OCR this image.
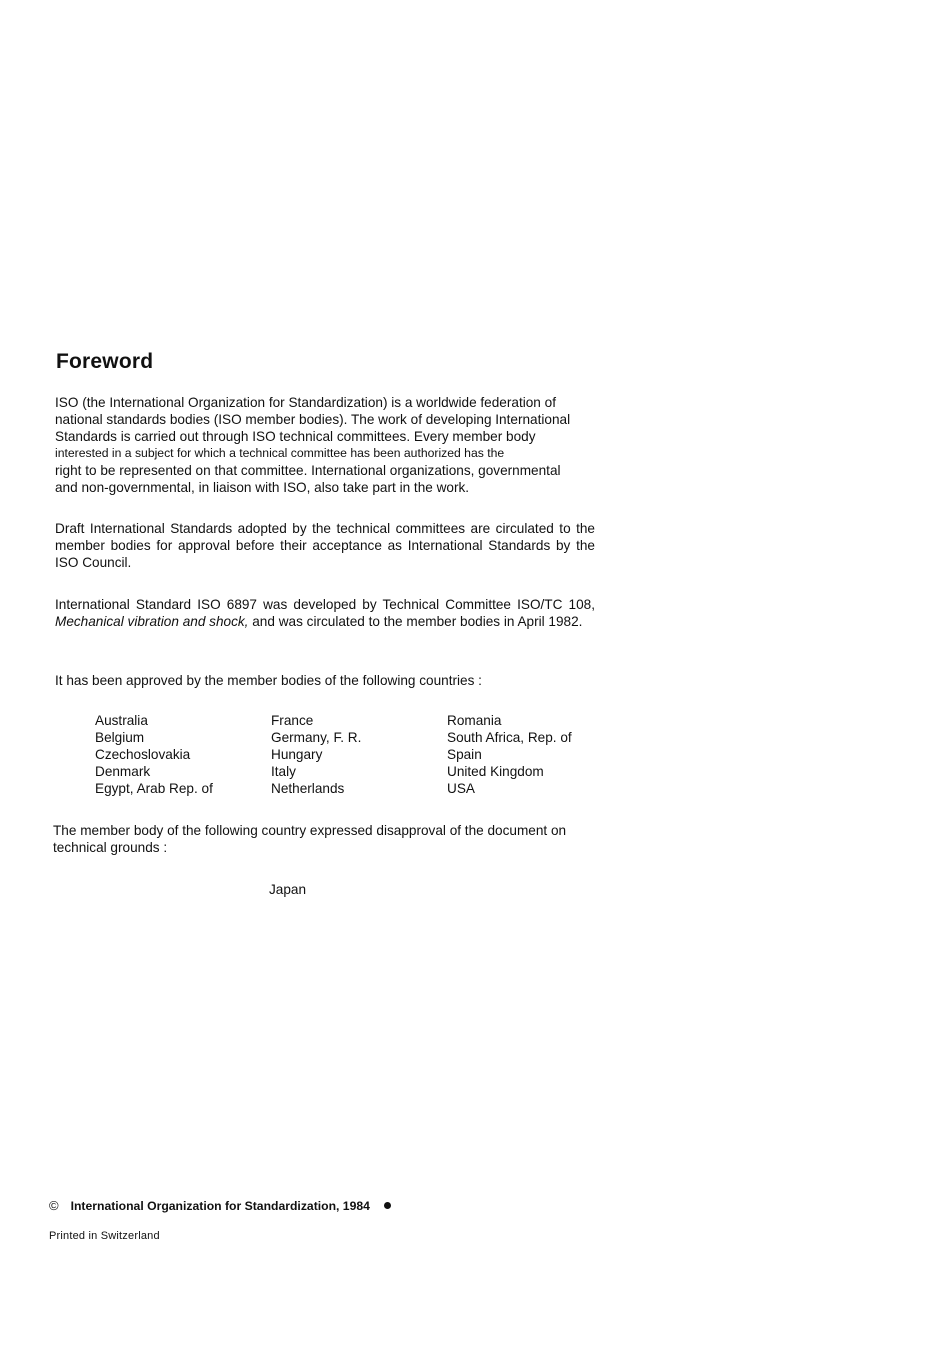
Foreword
ISO (the International Organization for Standardization) is a worldwide federation of
national standards bodies (ISO member bodies). The work of developing International
Standards is carried out through ISO technical committees. Every member body
interested in a subject for which a technical committee has been authorized has the
right to be represented on that committee. International organizations, governmental
and non-governmental, in liaison with ISO, also take part in the work.

Draft International Standards adopted by the technical committees are circulated to the member bodies for approval before their acceptance as International Standards by the ISO Council.

International Standard ISO 6897 was developed by Technical Committee ISO/TC 108, Mechanical vibration and shock, and was circulated to the member bodies in April 1982.

It has been approved by the member bodies of the following countries :

Australia
Belgium
Czechoslovakia
Denmark
Egypt, Arab Rep. of
France
Germany, F. R.
Hungary
Italy
Netherlands
Romania
South Africa, Rep. of
Spain
United Kingdom
USA

The member body of the following country expressed disapproval of the document on technical grounds :

Japan
© International Organization for Standardization, 1984
Printed in Switzerland
